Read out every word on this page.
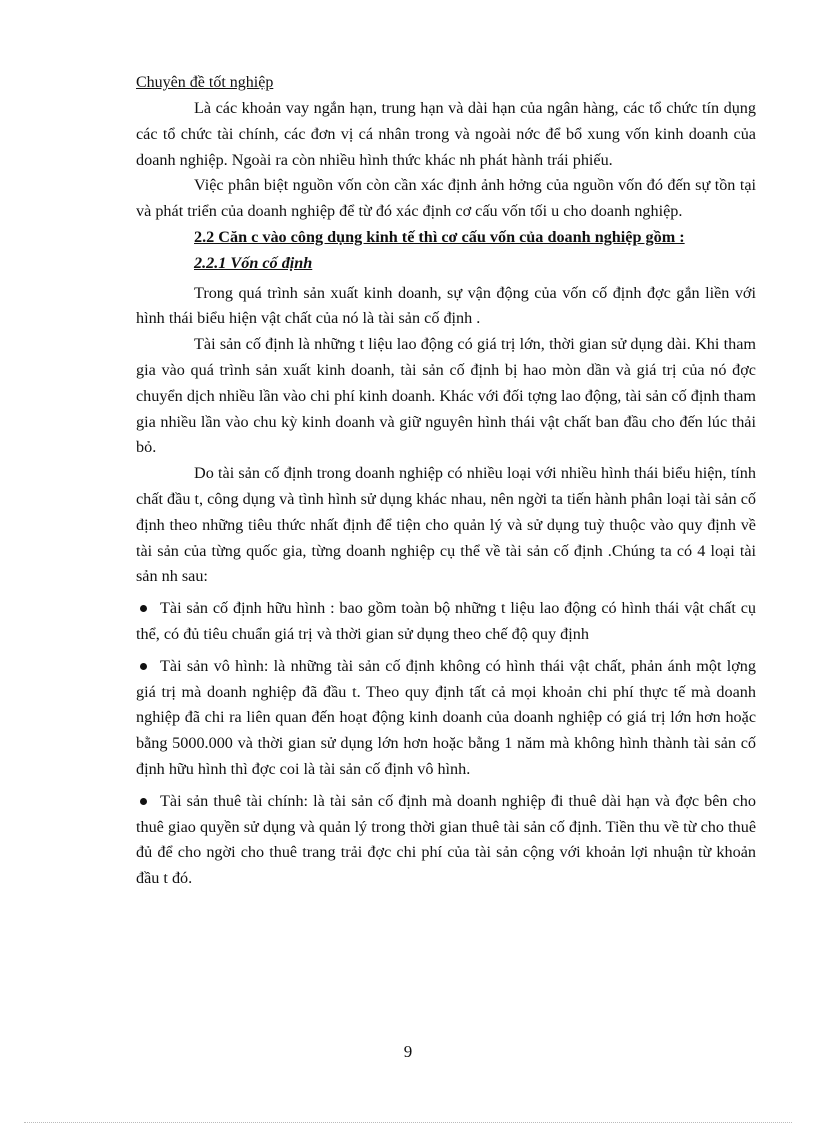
Chuyên đề tốt nghiệp

Là các khoản vay ngắn hạn, trung hạn và dài hạn của ngân hàng, các tổ chức tín dụng các tổ chức tài chính, các đơn vị cá nhân trong và ngoài nớc để bổ xung vốn kinh doanh của doanh nghiệp. Ngoài ra còn nhiều hình thức khác nh phát hành trái phiếu.

Việc phân biệt nguồn vốn còn cần xác định ảnh hởng của nguồn vốn đó đến sự tồn tại và phát triển của doanh nghiệp để từ đó xác định cơ cấu vốn tối u cho doanh nghiệp.

2.2 Căn c vào công dụng kinh tế thì cơ cấu vốn của doanh nghiệp gồm :

2.2.1 Vốn cố định

Trong quá trình sản xuất kinh doanh, sự vận động của vốn cố định đợc gắn liền với hình thái biểu hiện vật chất của nó là tài sản cố định .

Tài sản cố định là những t liệu lao động có giá trị lớn, thời gian sử dụng dài. Khi tham gia vào quá trình sản xuất kinh doanh, tài sản cố định bị hao mòn dần và giá trị của nó đợc chuyển dịch nhiều lần vào chi phí kinh doanh. Khác với đối tợng lao động, tài sản cố định tham gia nhiều lần vào chu kỳ kinh doanh và giữ nguyên hình thái vật chất ban đầu cho đến lúc thải bỏ.

Do tài sản cố định trong doanh nghiệp có nhiều loại với nhiều hình thái biểu hiện, tính chất đầu t, công dụng và tình hình sử dụng khác nhau, nên ngời ta tiến hành phân loại tài sản cố định theo những tiêu thức nhất định để tiện cho quản lý và sử dụng tuỳ thuộc vào quy định về tài sản của từng quốc gia, từng doanh nghiệp cụ thể về tài sản cố định .Chúng ta có 4 loại tài sản nh sau:

Tài sản cố định hữu hình : bao gồm toàn bộ những t liệu lao động có hình thái vật chất cụ thể, có đủ tiêu chuẩn giá trị và thời gian sử dụng theo chế độ quy định

Tài sản vô hình: là những tài sản cố định không có hình thái vật chất, phản ánh một lợng giá trị mà doanh nghiệp đã đầu t. Theo quy định tất cả mọi khoản chi phí thực tế mà doanh nghiệp đã chi ra liên quan đến hoạt động kinh doanh của doanh nghiệp có giá trị lớn hơn hoặc bằng 5000.000 và thời gian sử dụng lớn hơn hoặc bằng 1 năm mà không hình thành tài sản cố định hữu hình thì đợc coi là tài sản cố định vô hình.

Tài sản thuê tài chính: là tài sản cố định mà doanh nghiệp đi thuê dài hạn và đợc bên cho thuê giao quyền sử dụng và quản lý trong thời gian thuê tài sản cố định. Tiền thu về từ cho thuê đủ để cho ngời cho thuê trang trải đợc chi phí của tài sản cộng với khoản lợi nhuận từ khoản đầu t đó.

9
